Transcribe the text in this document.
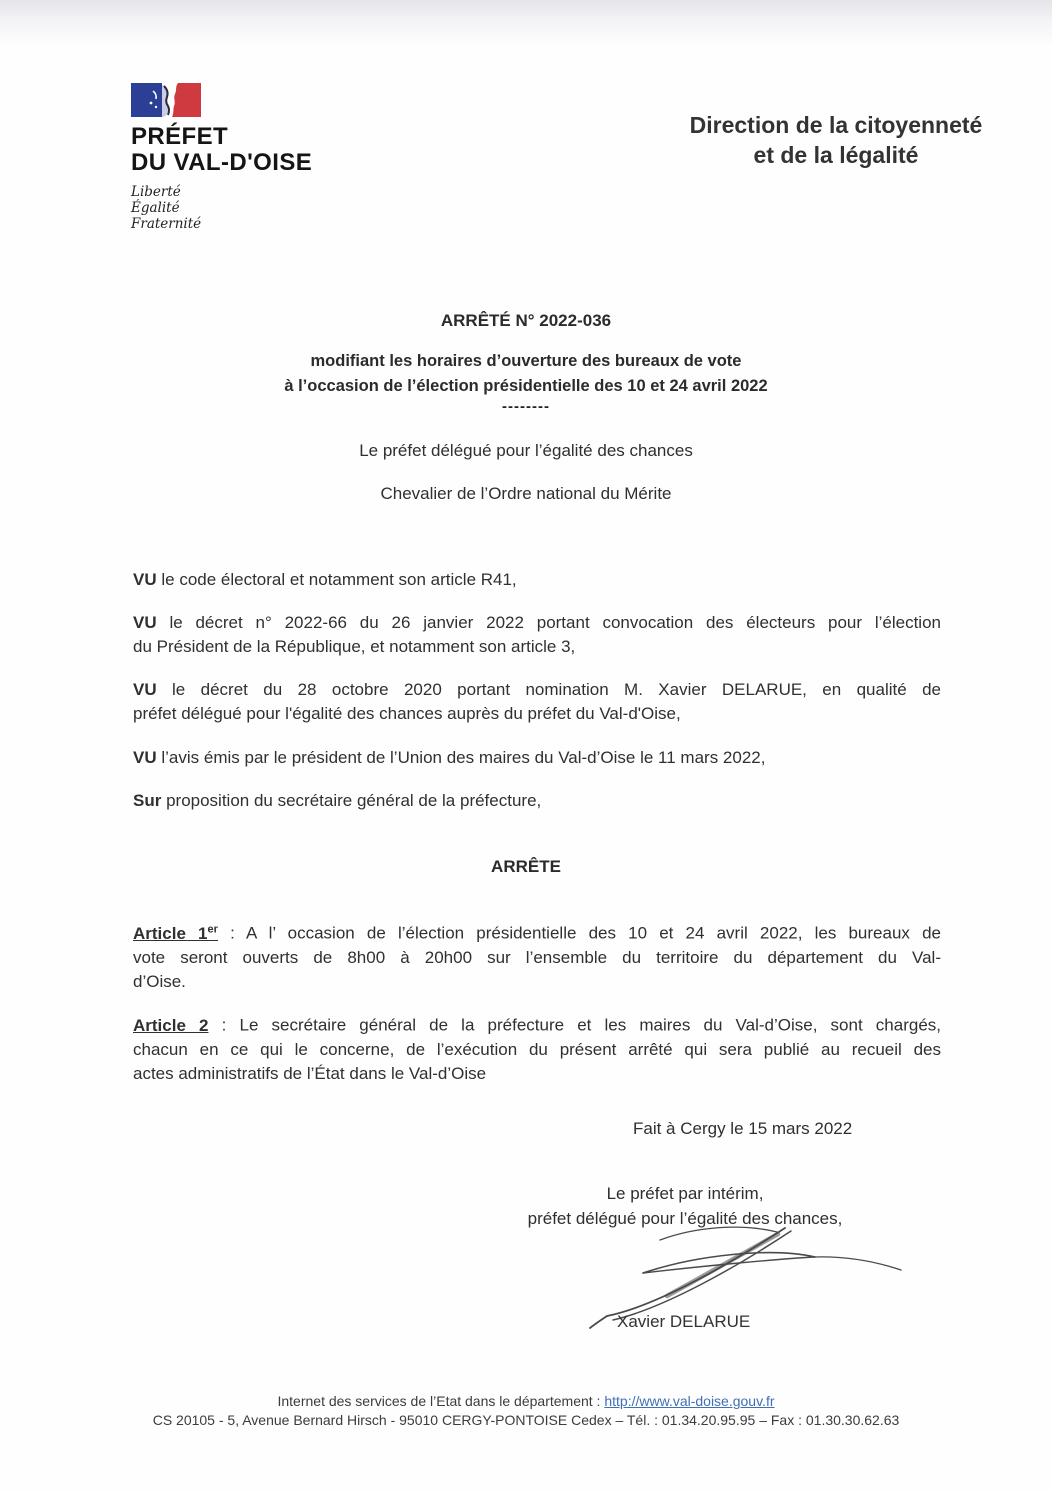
PRÉFET
DU VAL-D'OISE
Liberté
Égalité
Fraternité
Direction de la citoyenneté
et de la légalité
ARRÊTÉ N° 2022-036
modifiant les horaires d’ouverture des bureaux de vote
à l’occasion de l’élection présidentielle des 10 et 24 avril 2022
--------
Le préfet délégué pour l’égalité des chances
Chevalier de l’Ordre national du Mérite
VU le code électoral et notamment son article R41,
VU le décret n° 2022-66 du 26 janvier 2022 portant convocation des électeurs pour l’élection
du Président de la République, et notamment son article 3,
VU le décret du 28 octobre 2020 portant nomination M. Xavier DELARUE, en qualité de
préfet délégué pour l'égalité des chances auprès du préfet du Val-d'Oise,
VU l’avis émis par le président de l’Union des maires du Val-d’Oise le 11 mars 2022,
Sur proposition du secrétaire général de la préfecture,
ARRÊTE
Article 1er : A l’ occasion de l’élection présidentielle des 10 et 24 avril 2022, les bureaux de
vote seront ouverts de 8h00 à 20h00 sur l’ensemble du territoire du département du Val-
d’Oise.
Article 2 : Le secrétaire général de la préfecture et les maires du Val-d’Oise, sont chargés,
chacun en ce qui le concerne, de l’exécution du présent arrêté qui sera publié au recueil des
actes administratifs de l’État dans le Val-d’Oise
Fait à Cergy le 15 mars 2022
Le préfet par intérim,
préfet délégué pour l’égalité des chances,
Xavier DELARUE
Internet des services de l’Etat dans le département : http://www.val-doise.gouv.fr
CS 20105 - 5, Avenue Bernard Hirsch - 95010 CERGY-PONTOISE Cedex – Tél. : 01.34.20.95.95 – Fax : 01.30.30.62.63
